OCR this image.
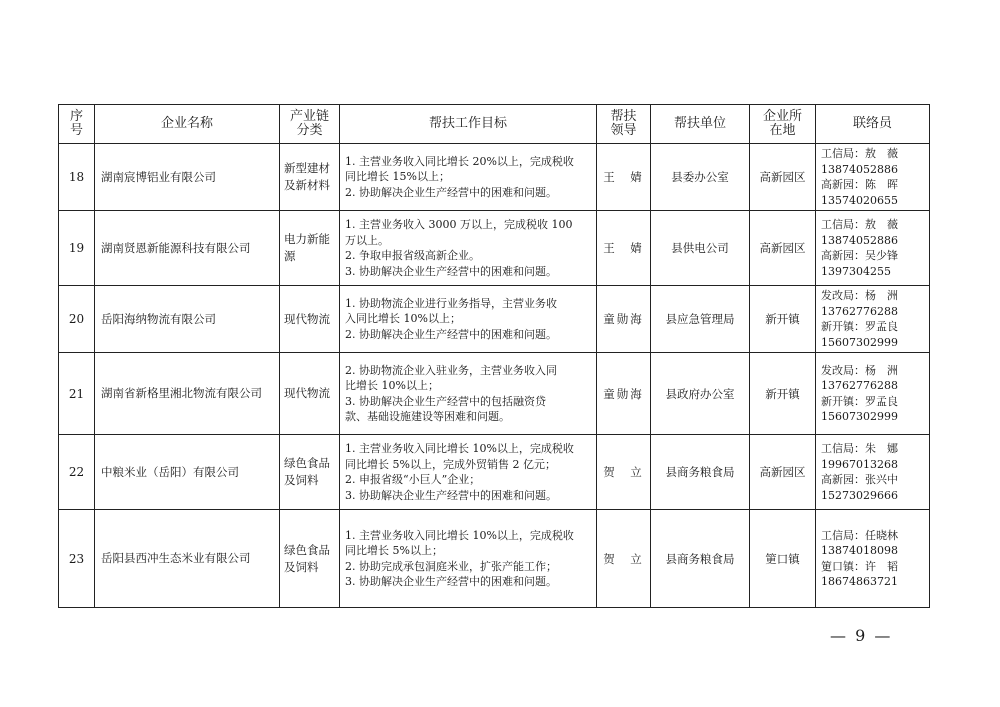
序号	企业名称	产业链分类	帮扶工作目标	帮扶领导	帮扶单位	企业所在地	联络员
18	湖南宸博铝业有限公司	新型建材及新材料	1. 主营业务收入同比增长 20%以上，完成税收
同比增长 15%以上；
2. 协助解决企业生产经营中的困难和问题。	王　婧	县委办公室	高新园区	工信局：敖　薇
13874052886
高新园：陈　晖
13574020655

19	湖南贤恩新能源科技有限公司	电力新能源	1. 主营业务收入 3000 万以上，完成税收 100
万以上。
2. 争取申报省级高新企业。
3. 协助解决企业生产经营中的困难和问题。	王　婧	县供电公司	高新园区	工信局：敖　薇
13874052886
高新园：吴少锋
1397304255

20	岳阳海纳物流有限公司	现代物流	1. 协助物流企业进行业务指导，主营业务收
入同比增长 10%以上；
2. 协助解决企业生产经营中的困难和问题。	童勋海	县应急管理局	新开镇	发改局：杨　洲
13762776288
新开镇：罗孟良
15607302999

21	湖南省新格里湘北物流有限公司	现代物流	2. 协助物流企业入驻业务，主营业务收入同
比增长 10%以上；
3. 协助解决企业生产经营中的包括融资贷
款、基础设施建设等困难和问题。	童勋海	县政府办公室	新开镇	发改局：杨　洲
13762776288
新开镇：罗孟良
15607302999

22	中粮米业（岳阳）有限公司	绿色食品及饲料	1. 主营业务收入同比增长 10%以上，完成税收
同比增长 5%以上，完成外贸销售 2 亿元；
2. 申报省级“小巨人”企业；
3. 协助解决企业生产经营中的困难和问题。	贺　立	县商务粮食局	高新园区	工信局：朱　娜
19967013268
高新园：张兴中
15273029666

23	岳阳县西冲生态米业有限公司	绿色食品及饲料	1. 主营业务收入同比增长 10%以上，完成税收
同比增长 5%以上；
2. 协助完成承包洞庭米业，扩张产能工作；
3. 协助解决企业生产经营中的困难和问题。	贺　立	县商务粮食局	筻口镇	工信局：任晓林
13874018098
筻口镇：许　韬
18674863721
— 9 —
